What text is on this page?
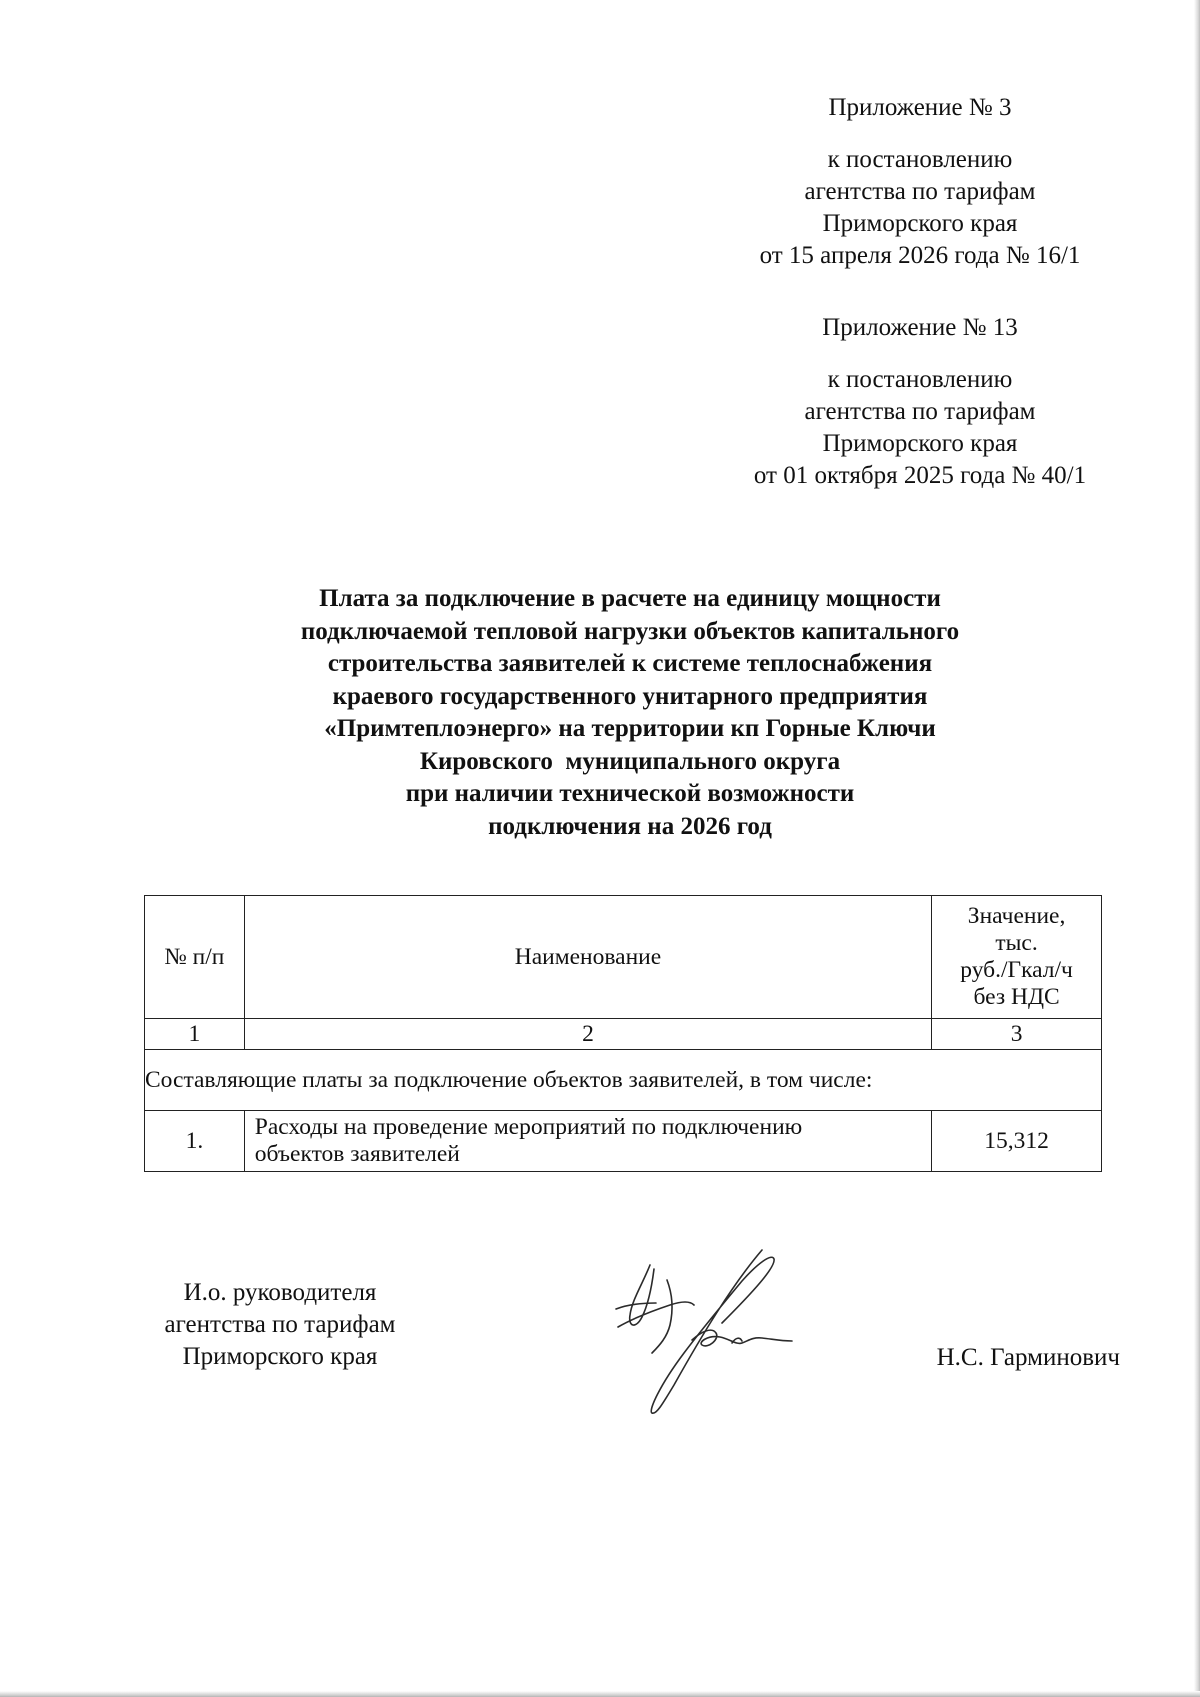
Приложение № 3
к постановлению
агентства по тарифам
Приморского края
от 15 апреля 2026 года № 16/1
Приложение № 13
к постановлению
агентства по тарифам
Приморского края
от 01 октября 2025 года № 40/1
Плата за подключение в расчете на единицу мощности
подключаемой тепловой нагрузки объектов капитального
строительства заявителей к системе теплоснабжения
краевого государственного унитарного предприятия
«Примтеплоэнерго» на территории кп Горные Ключи
Кировского  муниципального округа
при наличии технической возможности
подключения на 2026 год
№ п/п	Наименование	Значение,
тыс.
руб./Гкал/ч
без НДС

1	2	3
Составляющие платы за подключение объектов заявителей, в том числе:		
1.	Расходы на проведение мероприятий по подключению
объектов заявителей	15,312
И.о. руководителя
агентства по тарифам
Приморского края	Н.С. Гарминович
